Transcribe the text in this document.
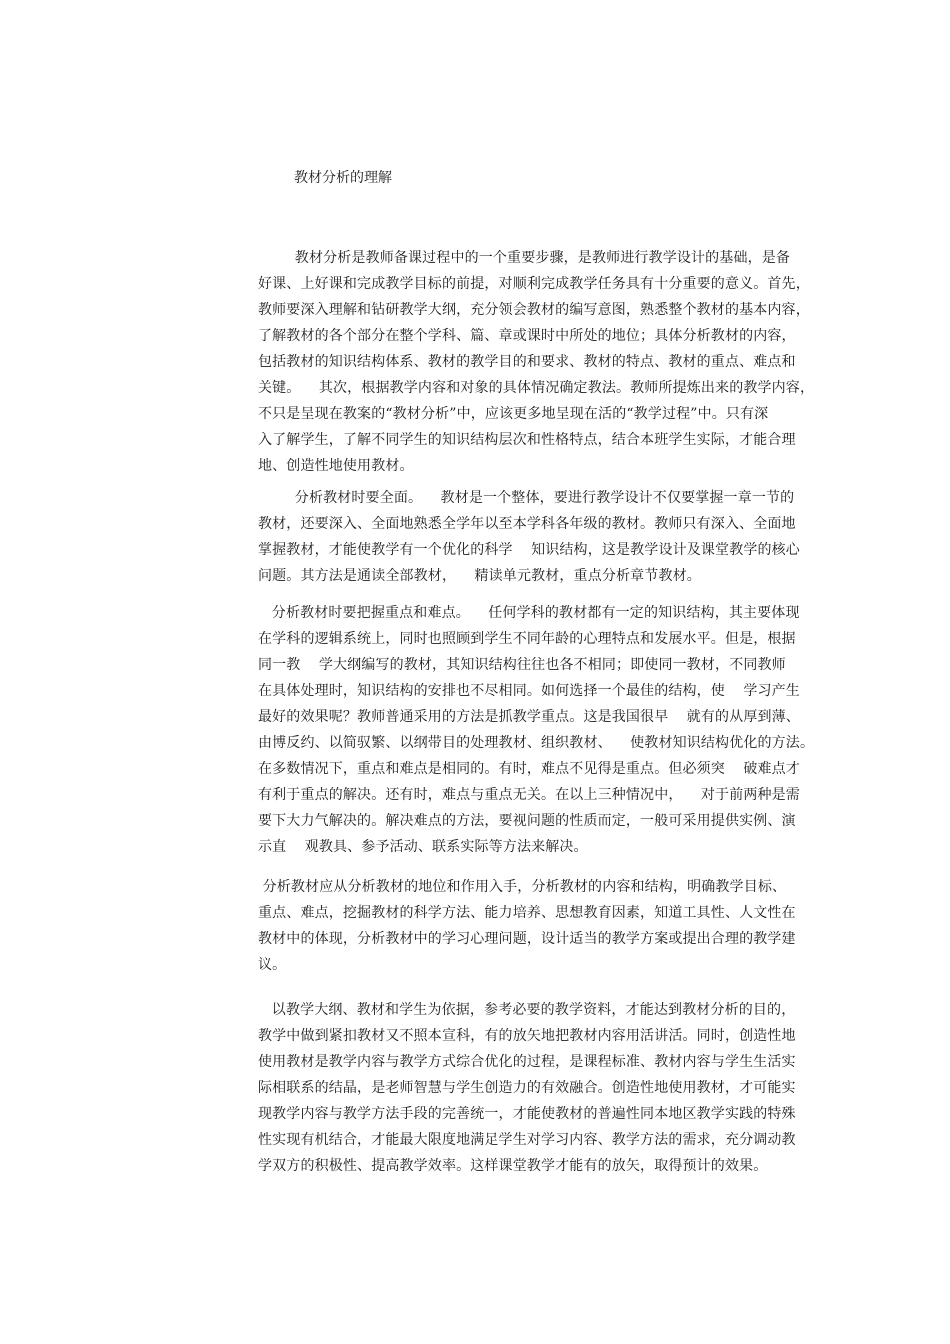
教材分析的理解
教材分析是教师备课过程中的一个重要步骤，是教师进行教学设计的基础，是备
好课、上好课和完成教学目标的前提，对顺利完成教学任务具有十分重要的意义。首先，
教师要深入理解和钻研教学大纲，充分领会教材的编写意图，熟悉整个教材的基本内容，
了解教材的各个部分在整个学科、篇、章或课时中所处的地位；具体分析教材的内容，
包括教材的知识结构体系、教材的教学目的和要求、教材的特点、教材的重点、难点和
关键。    其次，根据教学内容和对象的具体情况确定教法。教师所提炼出来的教学内容，
不只是呈现在教案的“教材分析”中，应该更多地呈现在活的“教学过程”中。只有深
入了解学生，了解不同学生的知识结构层次和性格特点，结合本班学生实际，才能合理
地、创造性地使用教材。
分析教材时要全面。    教材是一个整体，要进行教学设计不仅要掌握一章一节的
教材，还要深入、全面地熟悉全学年以至本学科各年级的教材。教师只有深入、全面地
掌握教材，才能使教学有一个优化的科学    知识结构，这是教学设计及课堂教学的核心
问题。其方法是通读全部教材，    精读单元教材，重点分析章节教材。
分析教材时要把握重点和难点。    任何学科的教材都有一定的知识结构，其主要体现
在学科的逻辑系统上，同时也照顾到学生不同年龄的心理特点和发展水平。但是，根据
同一教    学大纲编写的教材，其知识结构往往也各不相同；即使同一教材，不同教师
在具体处理时，知识结构的安排也不尽相同。如何选择一个最佳的结构，使    学习产生
最好的效果呢？教师普通采用的方法是抓教学重点。这是我国很早    就有的从厚到薄、
由博反约、以简驭繁、以纲带目的处理教材、组织教材、    使教材知识结构优化的方法。
在多数情况下，重点和难点是相同的。有时，难点不见得是重点。但必须突    破难点才
有利于重点的解决。还有时，难点与重点无关。在以上三种情况中，    对于前两种是需
要下大力气解决的。解决难点的方法，要视问题的性质而定，一般可采用提供实例、演
示直    观教具、参予活动、联系实际等方法来解决。
分析教材应从分析教材的地位和作用入手，分析教材的内容和结构，明确教学目标、
重点、难点，挖掘教材的科学方法、能力培养、思想教育因素，知道工具性、人文性在
教材中的体现，分析教材中的学习心理问题，设计适当的教学方案或提出合理的教学建
议。
以教学大纲、教材和学生为依据，参考必要的教学资料，才能达到教材分析的目的，
教学中做到紧扣教材又不照本宣科，有的放矢地把教材内容用活讲活。同时，创造性地
使用教材是教学内容与教学方式综合优化的过程，是课程标准、教材内容与学生生活实
际相联系的结晶，是老师智慧与学生创造力的有效融合。创造性地使用教材，才可能实
现教学内容与教学方法手段的完善统一，才能使教材的普遍性同本地区教学实践的特殊
性实现有机结合，才能最大限度地满足学生对学习内容、教学方法的需求，充分调动教
学双方的积极性、提高教学效率。这样课堂教学才能有的放矢，取得预计的效果。
